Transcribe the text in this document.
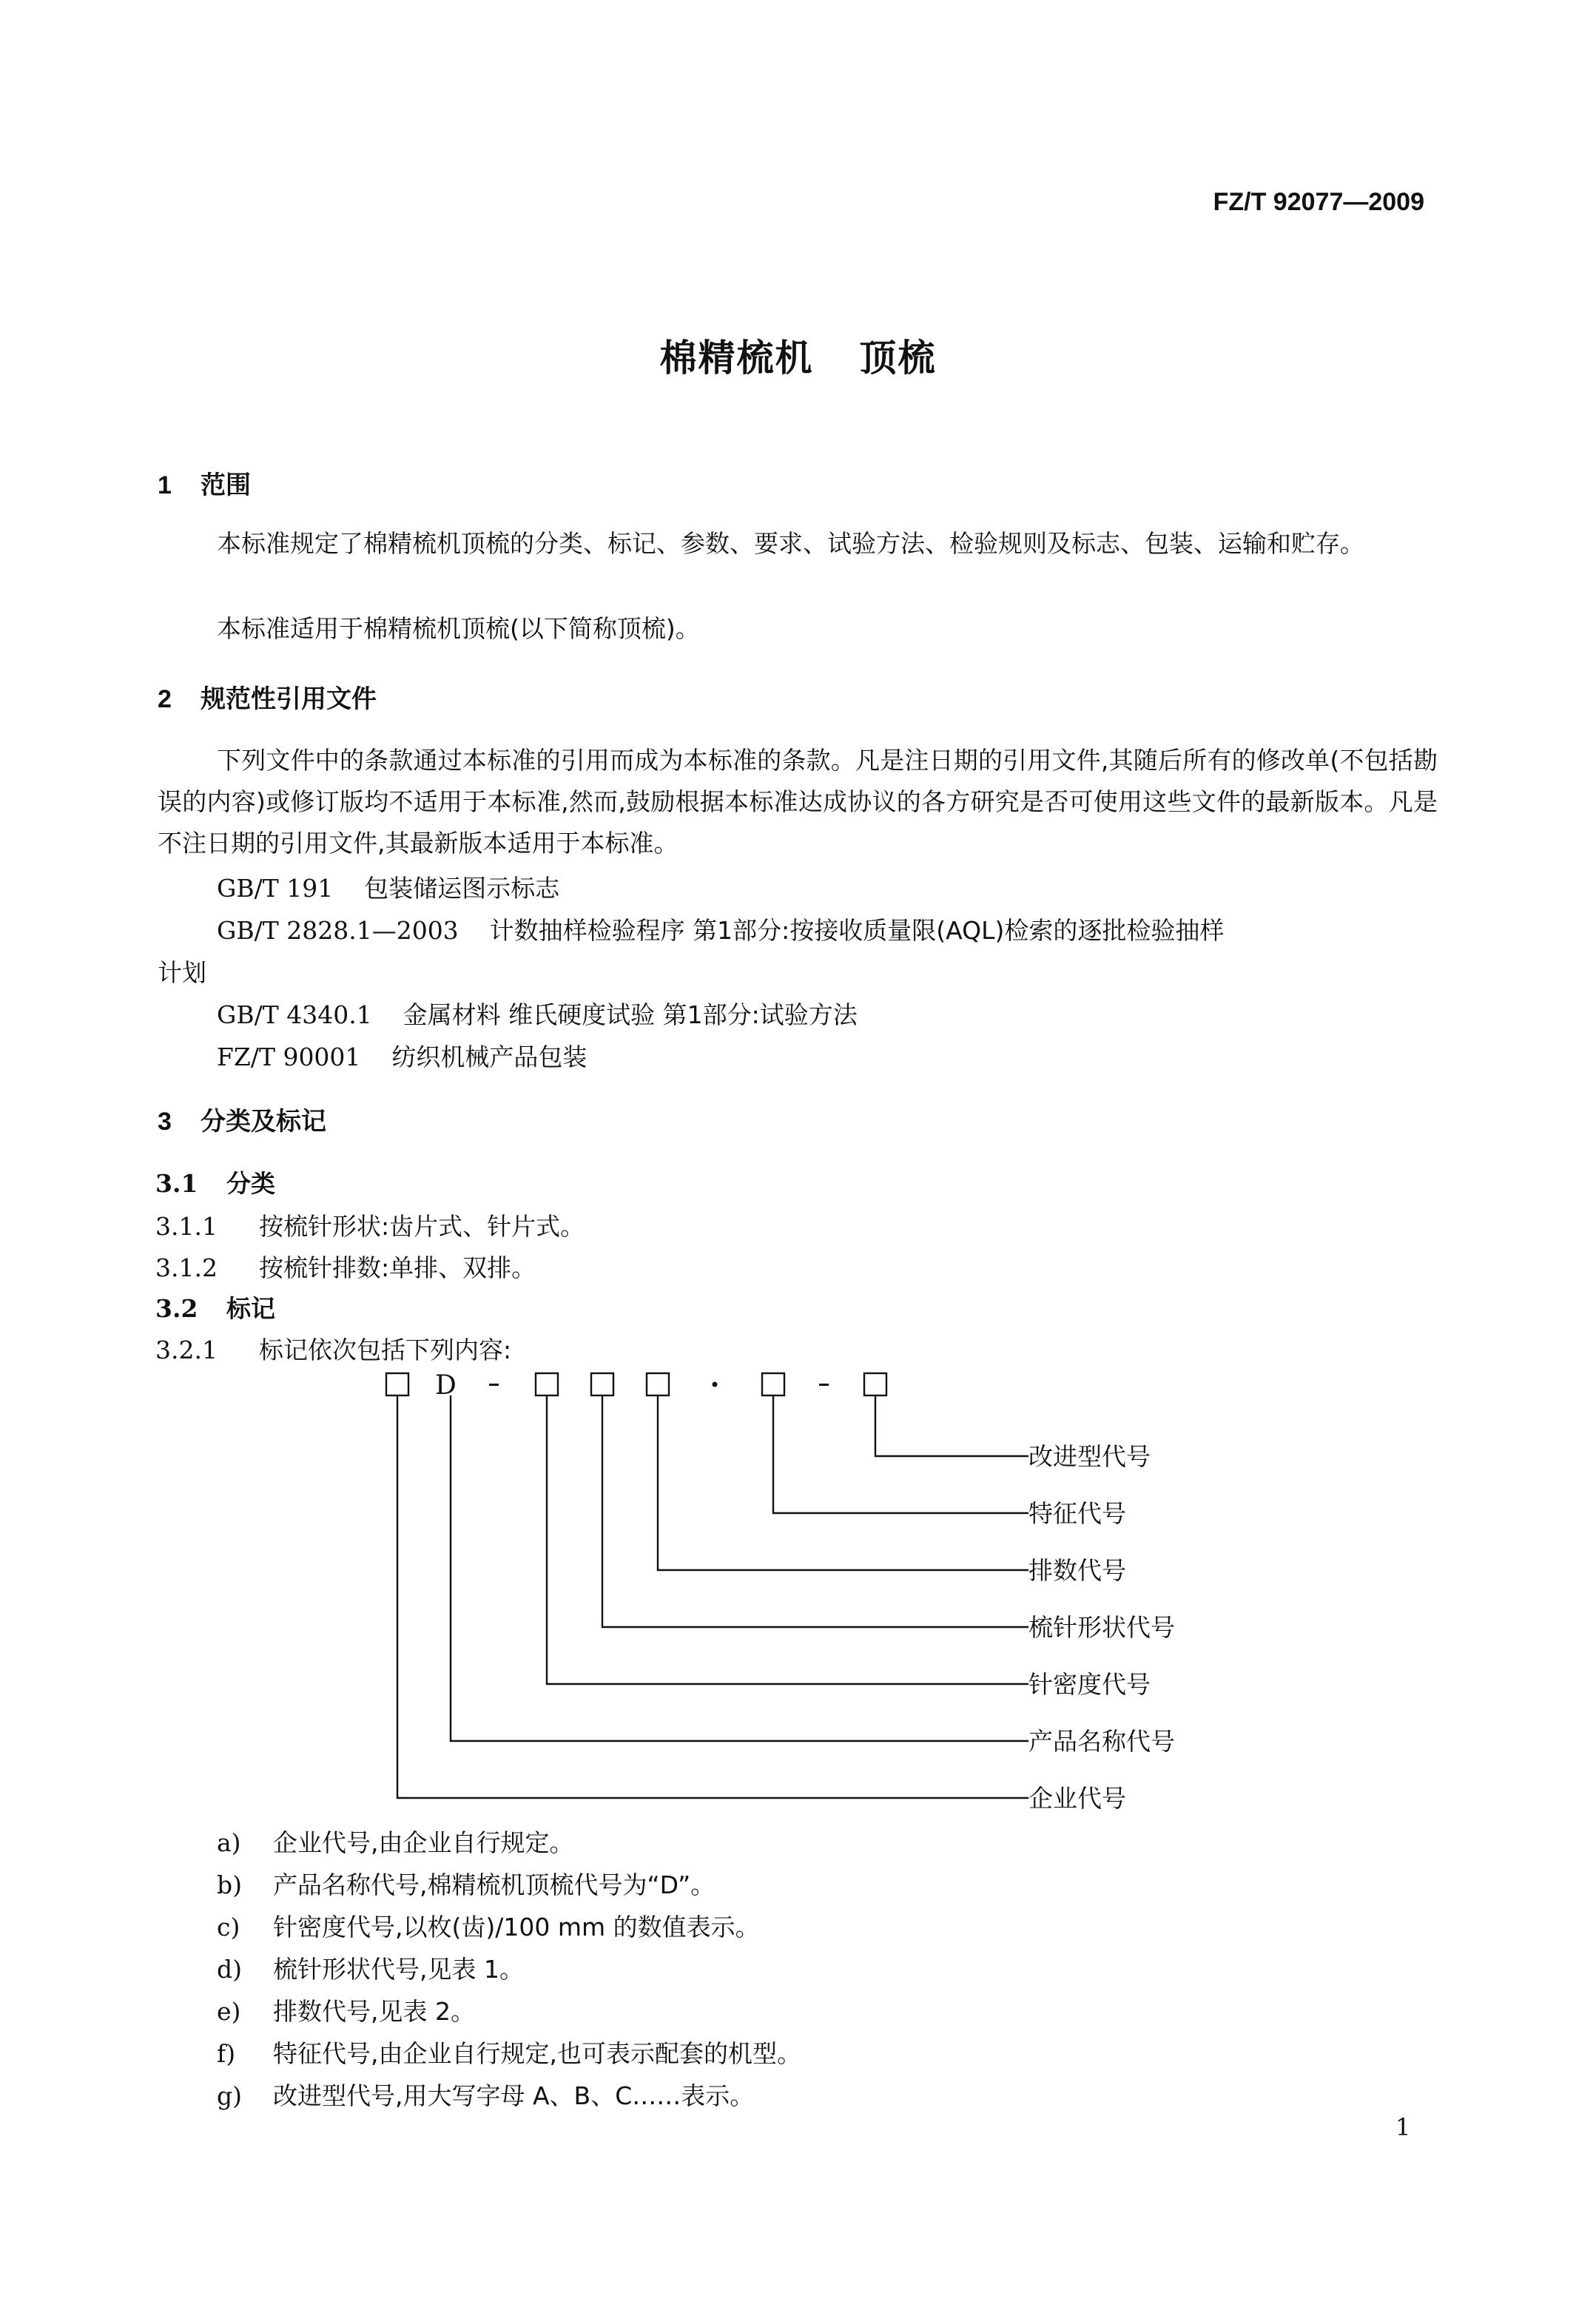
FZ/T 92077—2009
棉精梳机 顶梳
1 范围
本标准规定了棉精梳机顶梳的分类、标记、参数、要求、试验方法、检验规则及标志、包装、运输和贮存。
本标准适用于棉精梳机顶梳(以下简称顶梳)。
2 规范性引用文件
下列文件中的条款通过本标准的引用而成为本标准的条款。凡是注日期的引用文件,其随后所有的修改单(不包括勘误的内容)或修订版均不适用于本标准,然而,鼓励根据本标准达成协议的各方研究是否可使用这些文件的最新版本。凡是不注日期的引用文件,其最新版本适用于本标准。
GB/T 191 包装储运图示标志
GB/T 2828.1—2003 计数抽样检验程序 第1部分:按接收质量限(AQL)检索的逐批检验抽样
计划
GB/T 4340.1 金属材料 维氏硬度试验 第1部分:试验方法
FZ/T 90001 纺织机械产品包装
3 分类及标记
3.1 分类
3.1.1 按梳针形状:齿片式、针片式。
3.1.2 按梳针排数:单排、双排。
3.2 标记
3.2.1 标记依次包括下列内容:
D
改进型代号
特征代号
排数代号
梳针形状代号
针密度代号
产品名称代号
企业代号
a) 企业代号,由企业自行规定。
b) 产品名称代号,棉精梳机顶梳代号为“D”。
c) 针密度代号,以枚(齿)/100 mm 的数值表示。
d) 梳针形状代号,见表 1。
e) 排数代号,见表 2。
f) 特征代号,由企业自行规定,也可表示配套的机型。
g) 改进型代号,用大写字母 A、B、C……表示。
1
